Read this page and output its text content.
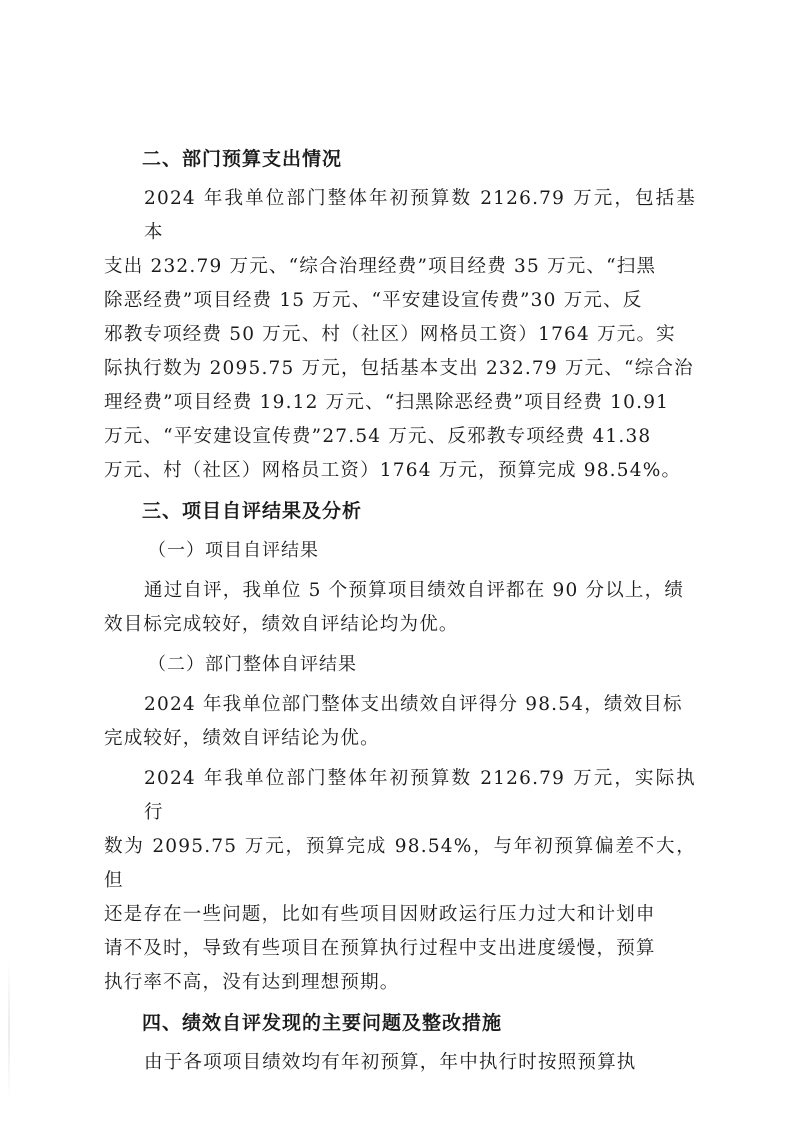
二、部门预算支出情况
2024 年我单位部门整体年初预算数 2126.79 万元，包括基本
支出 232.79 万元、“综合治理经费”项目经费 35 万元、“扫黑
除恶经费”项目经费 15 万元、“平安建设宣传费”30 万元、反
邪教专项经费 50 万元、村（社区）网格员工资）1764 万元。实
际执行数为 2095.75 万元，包括基本支出 232.79 万元、“综合治
理经费”项目经费 19.12 万元、“扫黑除恶经费”项目经费 10.91
万元、“平安建设宣传费”27.54 万元、反邪教专项经费 41.38
万元、村（社区）网格员工资）1764 万元，预算完成 98.54%。
三、项目自评结果及分析
（一）项目自评结果
通过自评，我单位 5 个预算项目绩效自评都在 90 分以上，绩
效目标完成较好，绩效自评结论均为优。
（二）部门整体自评结果
2024 年我单位部门整体支出绩效自评得分 98.54，绩效目标
完成较好，绩效自评结论为优。
2024 年我单位部门整体年初预算数 2126.79 万元，实际执行
数为 2095.75 万元，预算完成 98.54%，与年初预算偏差不大，但
还是存在一些问题，比如有些项目因财政运行压力过大和计划申
请不及时，导致有些项目在预算执行过程中支出进度缓慢，预算
执行率不高，没有达到理想预期。
四、绩效自评发现的主要问题及整改措施
由于各项项目绩效均有年初预算，年中执行时按照预算执
